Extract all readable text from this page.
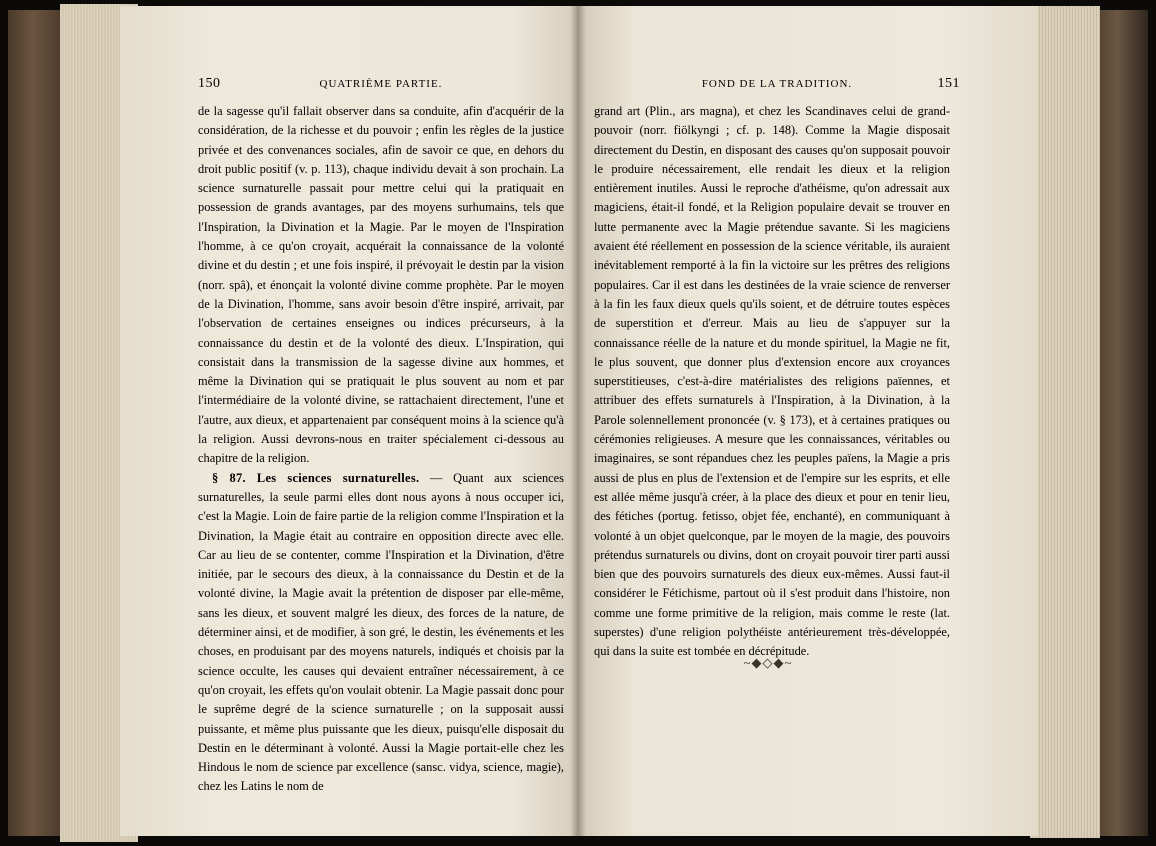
150	QUATRIÈME PARTIE.	FOND DE LA TRADITION.	151

de la sagesse qu'il fallait observer dans sa conduite, afin d'acquérir de la considération, de la richesse et du pouvoir ; enfin les règles de la justice privée et des convenances sociales, afin de savoir ce que, en dehors du droit public positif (v. p. 113), chaque individu devait à son prochain. La science surnaturelle passait pour mettre celui qui la pratiquait en possession de grands avantages, par des moyens surhumains, tels que l'Inspiration, la Divination et la Magie. Par le moyen de l'Inspiration l'homme, à ce qu'on croyait, acquérait la connaissance de la volonté divine et du destin ; et une fois inspiré, il prévoyait le destin par la vision (norr. spâ), et énonçait la volonté divine comme prophète. Par le moyen de la Divination, l'homme, sans avoir besoin d'être inspiré, arrivait, par l'observation de certaines enseignes ou indices précurseurs, à la connaissance du destin et de la volonté des dieux. L'Inspiration, qui consistait dans la transmission de la sagesse divine aux hommes, et même la Divination qui se pratiquait le plus souvent au nom et par l'intermédiaire de la volonté divine, se rattachaient directement, l'une et l'autre, aux dieux, et appartenaient par conséquent moins à la science qu'à la religion. Aussi devrons-nous en traiter spécialement ci-dessous au chapitre de la religion.

§ 87. Les sciences surnaturelles. — Quant aux sciences surnaturelles, la seule parmi elles dont nous ayons à nous occuper ici, c'est la Magie. Loin de faire partie de la religion comme l'Inspiration et la Divination, la Magie était au contraire en opposition directe avec elle. Car au lieu de se contenter, comme l'Inspiration et la Divination, d'être initiée, par le secours des dieux, à la connaissance du Destin et de la volonté divine, la Magie avait la prétention de disposer par elle-même, sans les dieux, et souvent malgré les dieux, des forces de la nature, de déterminer ainsi, et de modifier, à son gré, le destin, les événements et les choses, en produisant par des moyens naturels, indiqués et choisis par la science occulte, les causes qui devaient entraîner nécessairement, à ce qu'on croyait, les effets qu'on voulait obtenir. La Magie passait donc pour le suprême degré de la science surnaturelle ; on la supposait aussi puissante, et même plus puissante que les dieux, puisqu'elle disposait du Destin en le déterminant à volonté. Aussi la Magie portait-elle chez les Hindous le nom de science par excellence (sansc. vidya, science, magie), chez les Latins le nom de

grand art (Plin., ars magna), et chez les Scandinaves celui de grand-pouvoir (norr. fiölkyngi ; cf. p. 148). Comme la Magie disposait directement du Destin, en disposant des causes qu'on supposait pouvoir le produire nécessairement, elle rendait les dieux et la religion entièrement inutiles. Aussi le reproche d'athéisme, qu'on adressait aux magiciens, était-il fondé, et la Religion populaire devait se trouver en lutte permanente avec la Magie prétendue savante. Si les magiciens avaient été réellement en possession de la science véritable, ils auraient inévitablement remporté à la fin la victoire sur les prêtres des religions populaires. Car il est dans les destinées de la vraie science de renverser à la fin les faux dieux quels qu'ils soient, et de détruire toutes espèces de superstition et d'erreur. Mais au lieu de s'appuyer sur la connaissance réelle de la nature et du monde spirituel, la Magie ne fit, le plus souvent, que donner plus d'extension encore aux croyances superstitieuses, c'est-à-dire matérialistes des religions païennes, et attribuer des effets surnaturels à l'Inspiration, à la Divination, à la Parole solennellement prononcée (v. § 173), et à certaines pratiques ou cérémonies religieuses. A mesure que les connaissances, véritables ou imaginaires, se sont répandues chez les peuples païens, la Magie a pris aussi de plus en plus de l'extension et de l'empire sur les esprits, et elle est allée même jusqu'à créer, à la place des dieux et pour en tenir lieu, des fétiches (portug. fetisso, objet fée, enchanté), en communiquant à volonté à un objet quelconque, par le moyen de la magie, des pouvoirs prétendus surnaturels ou divins, dont on croyait pouvoir tirer parti aussi bien que des pouvoirs surnaturels des dieux eux-mêmes. Aussi faut-il considérer le Fétichisme, partout où il s'est produit dans l'histoire, non comme une forme primitive de la religion, mais comme le reste (lat. superstes) d'une religion polythéiste antérieurement très-développée, qui dans la suite est tombée en décrépitude.

~◆◇◆~
